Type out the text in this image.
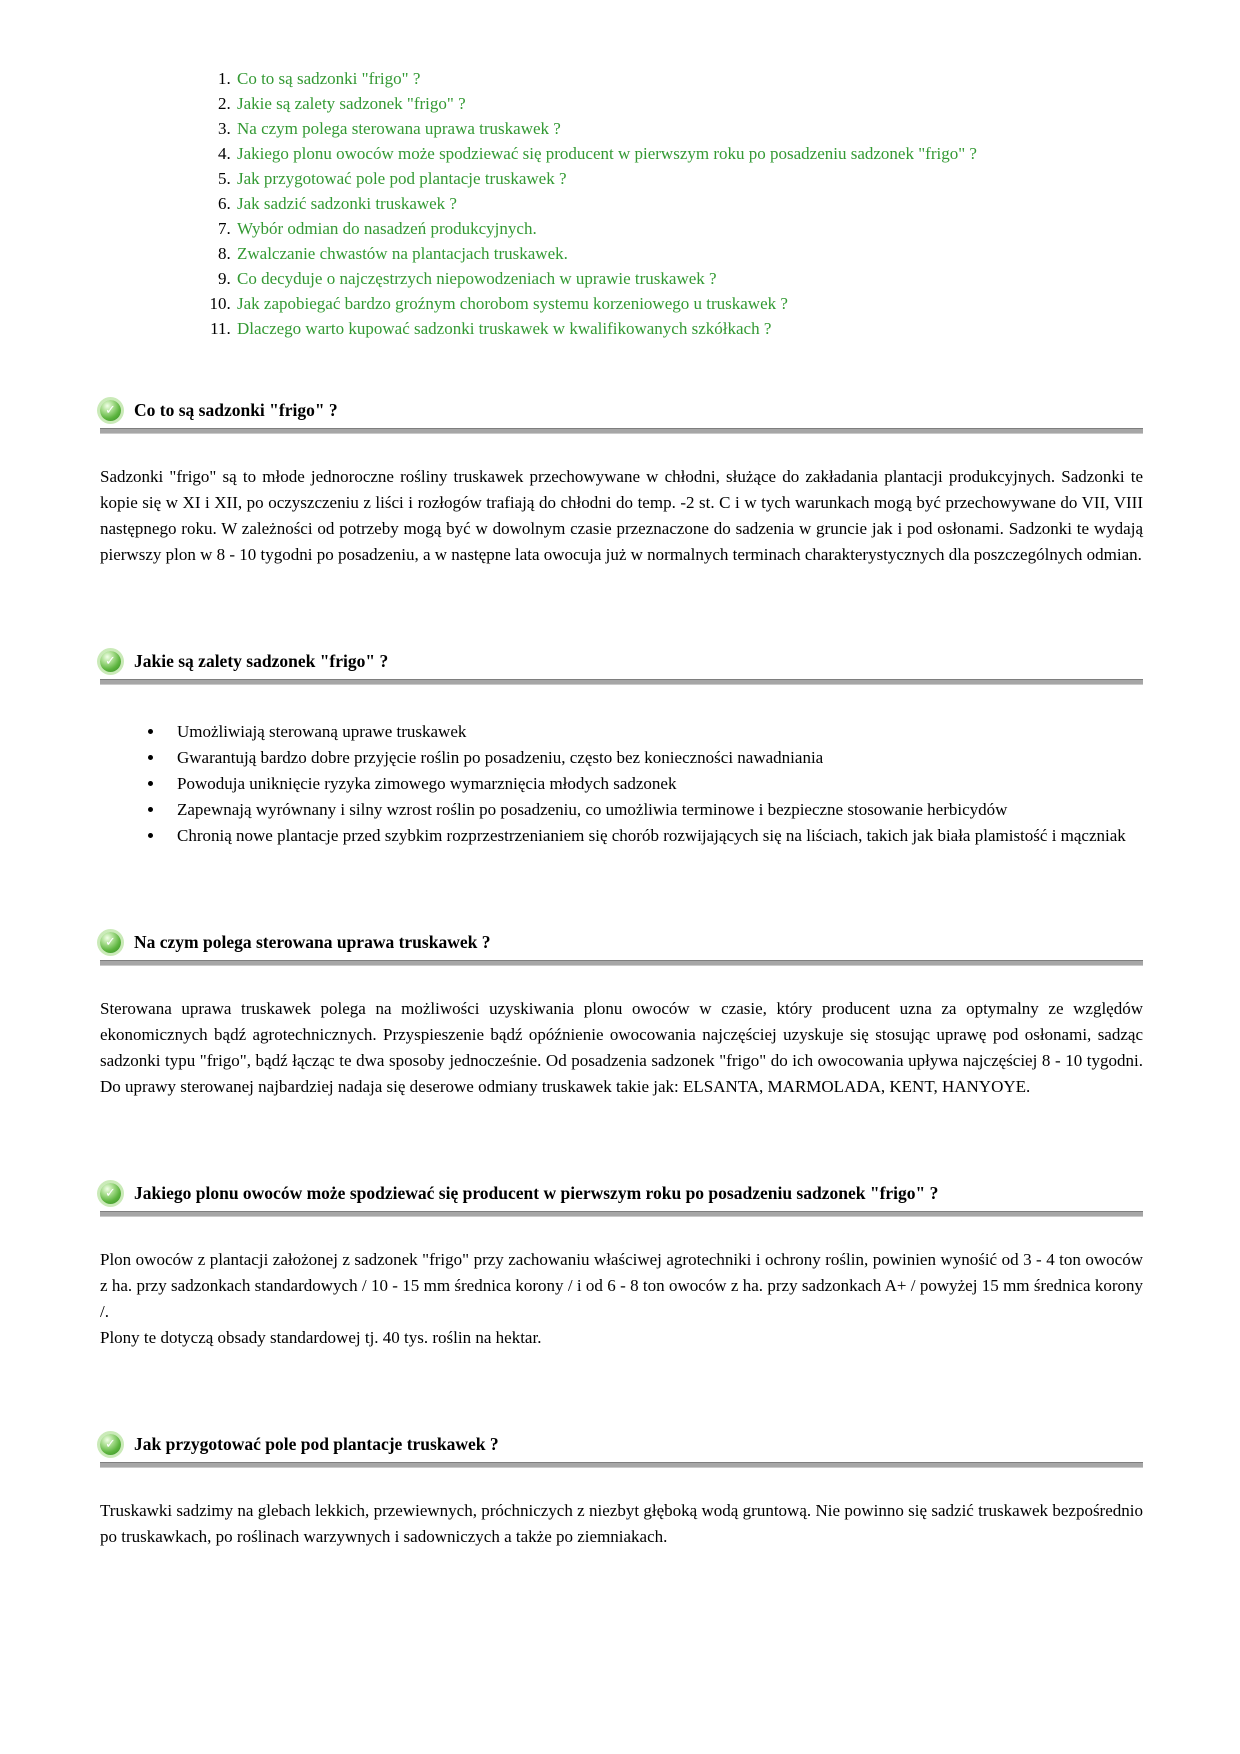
1. Co to są sadzonki "frigo" ?
2. Jakie są zalety sadzonek "frigo" ?
3. Na czym polega sterowana uprawa truskawek ?
4. Jakiego plonu owoców może spodziewać się producent w pierwszym roku po posadzeniu sadzonek "frigo" ?
5. Jak przygotować pole pod plantacje truskawek ?
6. Jak sadzić sadzonki truskawek ?
7. Wybór odmian do nasadzeń produkcyjnych.
8. Zwalczanie chwastów na plantacjach truskawek.
9. Co decyduje o najczęstrzych niepowodzeniach w uprawie truskawek ?
10. Jak zapobiegać bardzo groźnym chorobom systemu korzeniowego u truskawek ?
11. Dlaczego warto kupować sadzonki truskawek w kwalifikowanych szkółkach ?
✓Co to są sadzonki "frigo" ?

Sadzonki "frigo" są to młode jednoroczne rośliny truskawek przechowywane w chłodni, służące do zakładania plantacji produkcyjnych. Sadzonki te kopie się w XI i XII, po oczyszczeniu z liści i rozłogów trafiają do chłodni do temp. -2 st. C i w tych warunkach mogą być przechowywane do VII, VIII następnego roku. W zależności od potrzeby mogą być w dowolnym czasie przeznaczone do sadzenia w gruncie jak i pod osłonami. Sadzonki te wydają pierwszy plon w 8 - 10 tygodni po posadzeniu, a w następne lata owocuja już w normalnych terminach charakterystycznych dla poszczególnych odmian.

✓Jakie są zalety sadzonek "frigo" ?
• Umożliwiają sterowaną uprawe truskawek
• Gwarantują bardzo dobre przyjęcie roślin po posadzeniu, często bez konieczności nawadniania
• Powoduja uniknięcie ryzyka zimowego wymarznięcia młodych sadzonek
• Zapewnają wyrównany i silny wzrost roślin po posadzeniu, co umożliwia terminowe i bezpieczne stosowanie herbicydów
• Chronią nowe plantacje przed szybkim rozprzestrzenianiem się chorób rozwijających się na liściach, takich jak biała plamistość i mączniak
✓Na czym polega sterowana uprawa truskawek ?

Sterowana uprawa truskawek polega na możliwości uzyskiwania plonu owoców w czasie, który producent uzna za optymalny ze względów ekonomicznych bądź agrotechnicznych. Przyspieszenie bądź opóźnienie owocowania najczęściej uzyskuje się stosując uprawę pod osłonami, sadząc sadzonki typu "frigo", bądź łącząc te dwa sposoby jednocześnie. Od posadzenia sadzonek "frigo" do ich owocowania upływa najczęściej 8 - 10 tygodni. Do uprawy sterowanej najbardziej nadaja się deserowe odmiany truskawek takie jak: ELSANTA, MARMOLADA, KENT, HANYOYE.

✓Jakiego plonu owoców może spodziewać się producent w pierwszym roku po posadzeniu sadzonek "frigo" ?

Plon owoców z plantacji założonej z sadzonek "frigo" przy zachowaniu właściwej agrotechniki i ochrony roślin, powinien wynośić od 3 - 4 ton owoców z ha. przy sadzonkach standardowych / 10 - 15 mm średnica korony / i od 6 - 8 ton owoców z ha. przy sadzonkach A+ / powyżej 15 mm średnica korony /.

Plony te dotyczą obsady standardowej tj. 40 tys. roślin na hektar.

✓Jak przygotować pole pod plantacje truskawek ?

Truskawki sadzimy na glebach lekkich, przewiewnych, próchniczych z niezbyt głęboką wodą gruntową. Nie powinno się sadzić truskawek bezpośrednio po truskawkach, po roślinach warzywnych i sadowniczych a także po ziemniakach.
